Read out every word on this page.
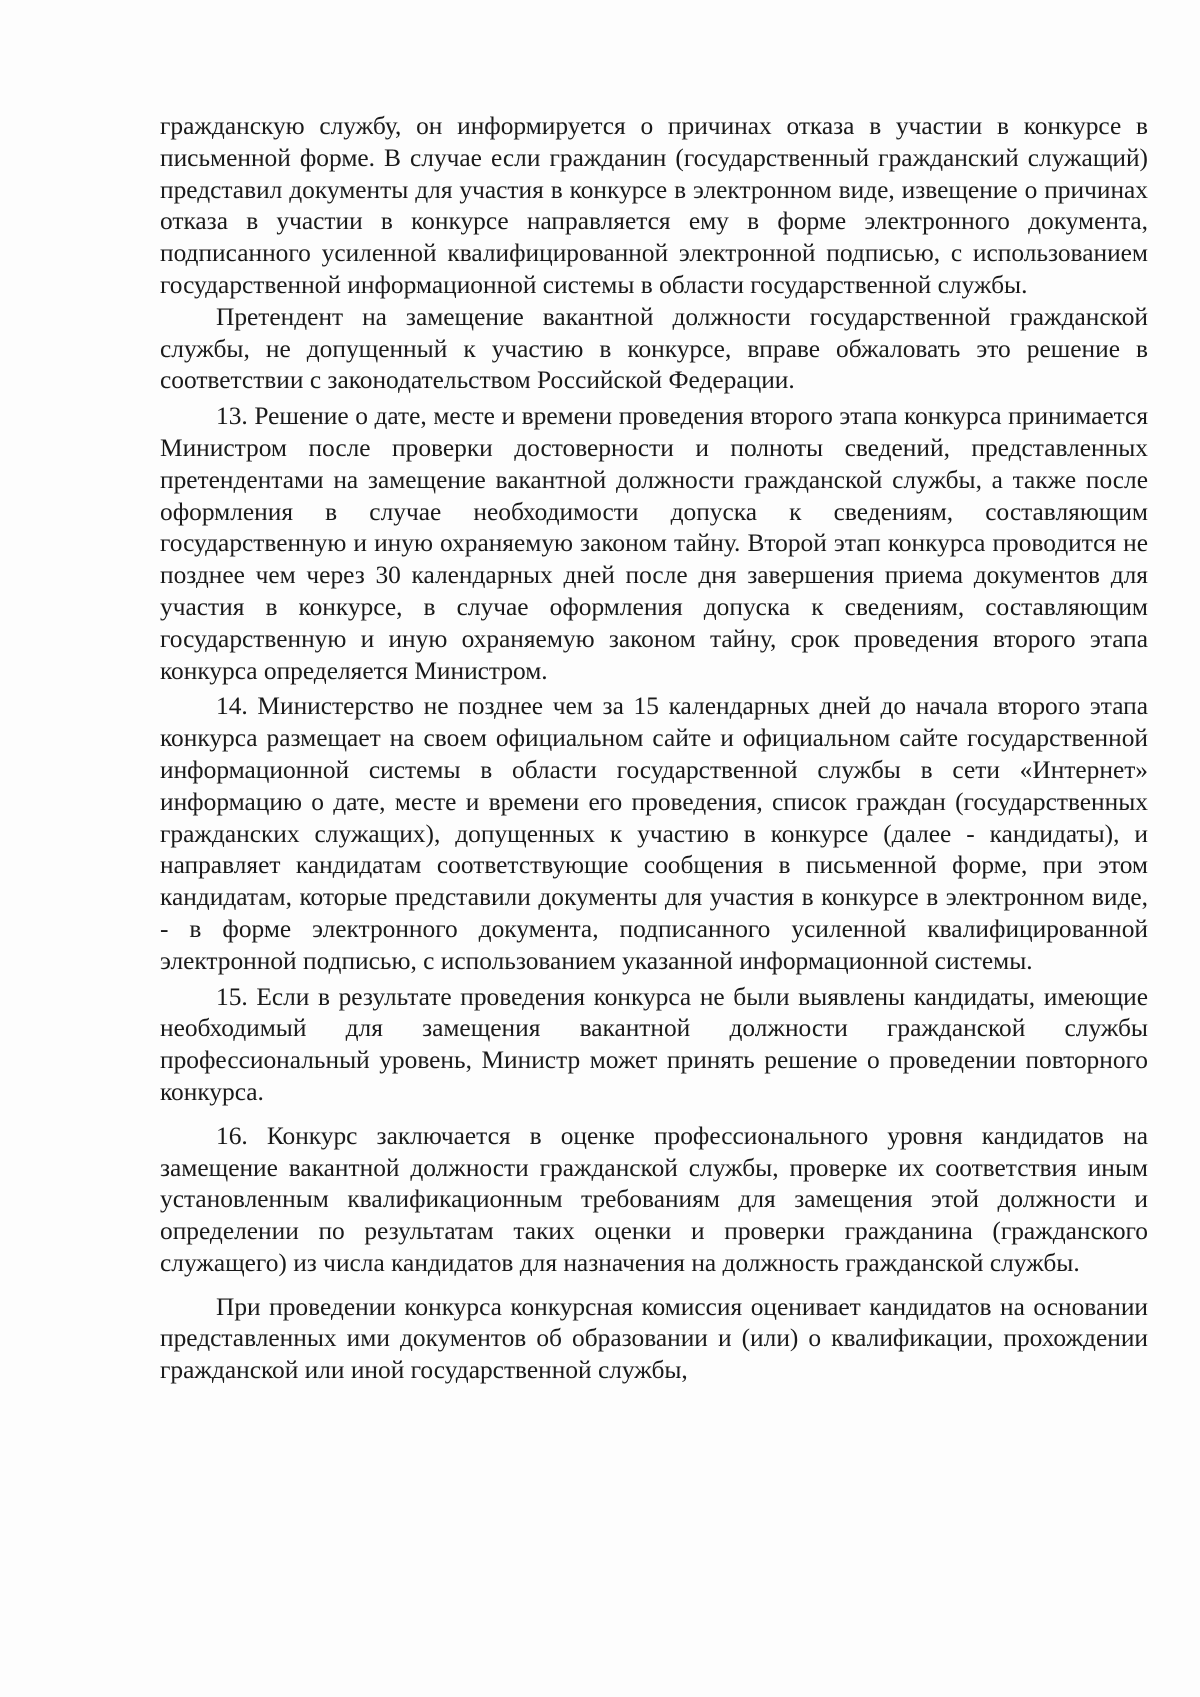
гражданскую службу, он информируется о причинах отказа в участии в конкурсе в письменной форме. В случае если гражданин (государственный гражданский служащий) представил документы для участия в конкурсе в электронном виде, извещение о причинах отказа в участии в конкурсе направляется ему в форме электронного документа, подписанного усиленной квалифицированной электронной подписью, с использованием государственной информационной системы в области государственной службы.

Претендент на замещение вакантной должности государственной гражданской службы, не допущенный к участию в конкурсе, вправе обжаловать это решение в соответствии с законодательством Российской Федерации.

13. Решение о дате, месте и времени проведения второго этапа конкурса принимается Министром после проверки достоверности и полноты сведений, представленных претендентами на замещение вакантной должности гражданской службы, а также после оформления в случае необходимости допуска к сведениям, составляющим государственную и иную охраняемую законом тайну. Второй этап конкурса проводится не позднее чем через 30 календарных дней после дня завершения приема документов для участия в конкурсе, в случае оформления допуска к сведениям, составляющим государственную и иную охраняемую законом тайну, срок проведения второго этапа конкурса определяется Министром.

14. Министерство не позднее чем за 15 календарных дней до начала второго этапа конкурса размещает на своем официальном сайте и официальном сайте государственной информационной системы в области государственной службы в сети «Интернет» информацию о дате, месте и времени его проведения, список граждан (государственных гражданских служащих), допущенных к участию в конкурсе (далее - кандидаты), и направляет кандидатам соответствующие сообщения в письменной форме, при этом кандидатам, которые представили документы для участия в конкурсе в электронном виде, - в форме электронного документа, подписанного усиленной квалифицированной электронной подписью, с использованием указанной информационной системы.

15. Если в результате проведения конкурса не были выявлены кандидаты, имеющие необходимый для замещения вакантной должности гражданской службы профессиональный уровень, Министр может принять решение о проведении повторного конкурса.

16. Конкурс заключается в оценке профессионального уровня кандидатов на замещение вакантной должности гражданской службы, проверке их соответствия иным установленным квалификационным требованиям для замещения этой должности и определении по результатам таких оценки и проверки гражданина (гражданского служащего) из числа кандидатов для назначения на должность гражданской службы.

При проведении конкурса конкурсная комиссия оценивает кандидатов на основании представленных ими документов об образовании и (или) о квалификации, прохождении гражданской или иной государственной службы,
